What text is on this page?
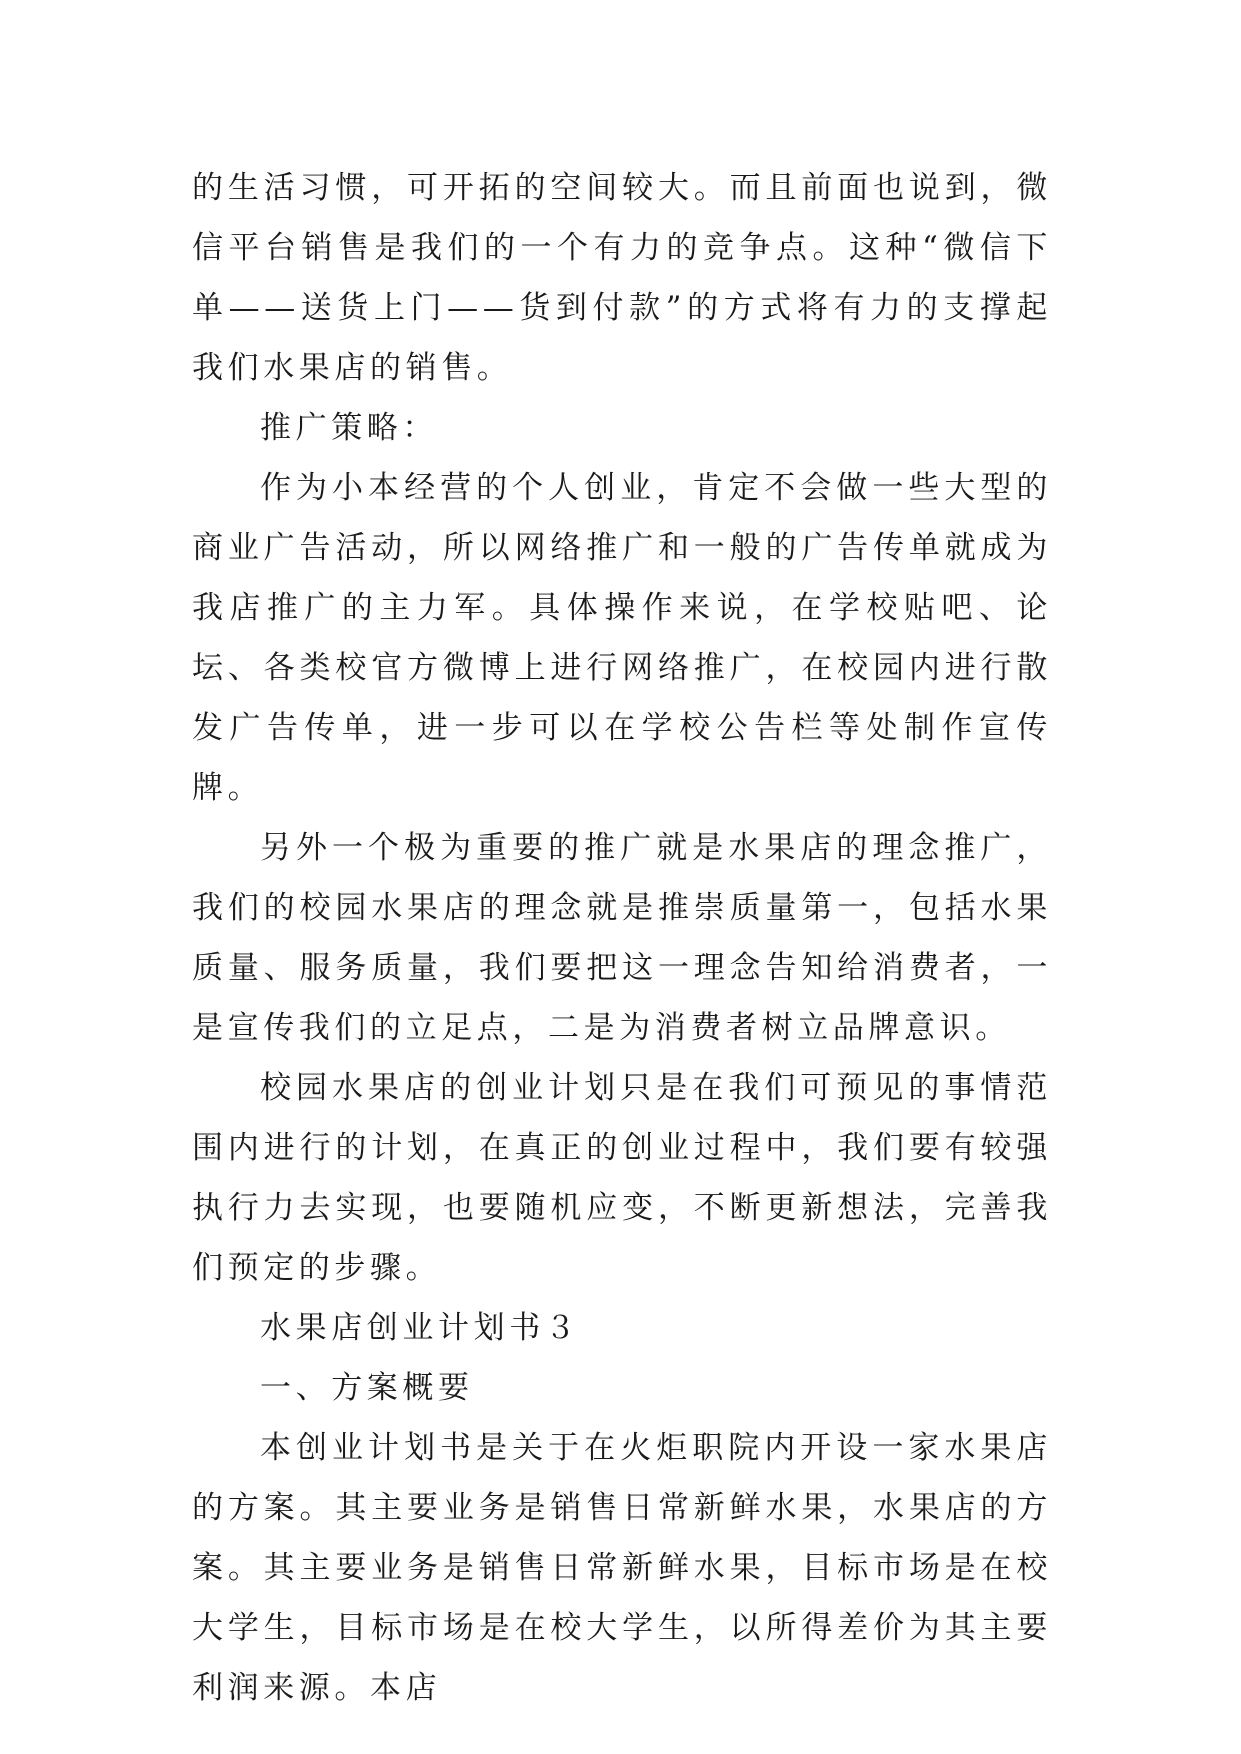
的生活习惯，可开拓的空间较大。而且前面也说到，微信平台销售是我们的一个有力的竞争点。这种“微信下单——送货上门——货到付款”的方式将有力的支撑起我们水果店的销售。

推广策略：

作为小本经营的个人创业，肯定不会做一些大型的商业广告活动，所以网络推广和一般的广告传单就成为我店推广的主力军。具体操作来说，在学校贴吧、论坛、各类校官方微博上进行网络推广，在校园内进行散发广告传单，进一步可以在学校公告栏等处制作宣传牌。

另外一个极为重要的推广就是水果店的理念推广，我们的校园水果店的理念就是推崇质量第一，包括水果质量、服务质量，我们要把这一理念告知给消费者，一是宣传我们的立足点，二是为消费者树立品牌意识。

校园水果店的创业计划只是在我们可预见的事情范围内进行的计划，在真正的创业过程中，我们要有较强执行力去实现，也要随机应变，不断更新想法，完善我们预定的步骤。

水果店创业计划书３

一、方案概要

本创业计划书是关于在火炬职院内开设一家水果店的方案。其主要业务是销售日常新鲜水果，水果店的方案。其主要业务是销售日常新鲜水果，目标市场是在校大学生，目标市场是在校大学生，以所得差价为其主要利润来源。本店
